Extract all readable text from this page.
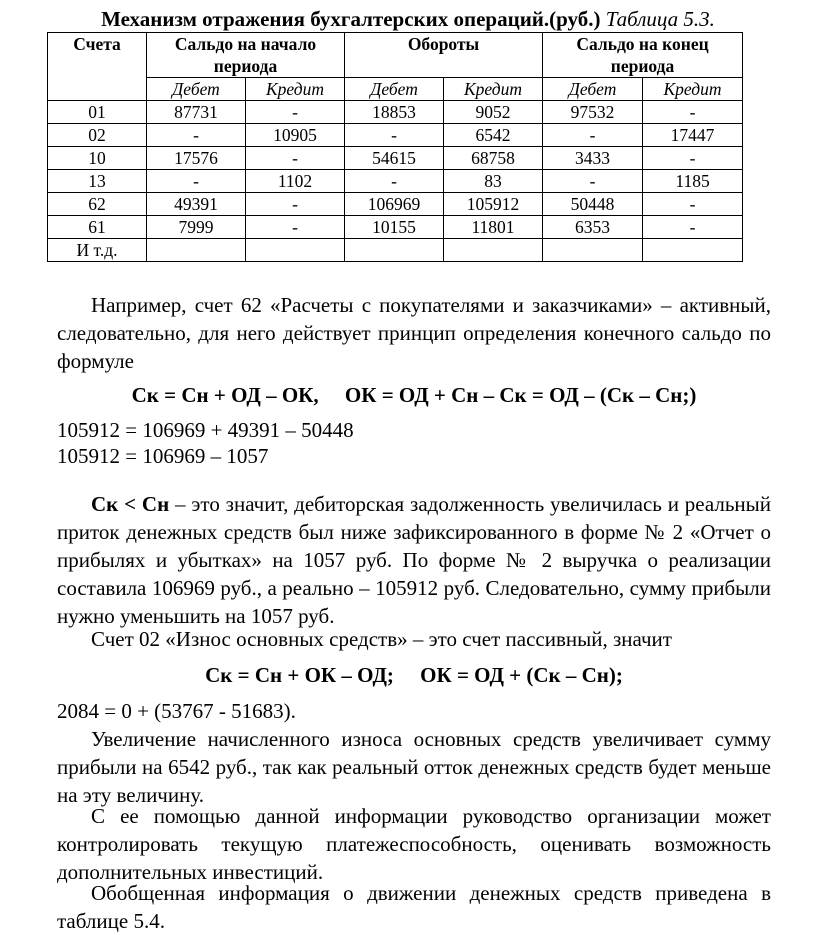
Механизм отражения бухгалтерских операций.(руб.) Таблица 5.3.
Счета	Сальдо на начало периода		Обороты		Сальдо на конец периода	
	Дебет	Кредит	Дебет	Кредит	Дебет	Кредит
01	87731	-	18853	9052	97532	-
02	-	10905	-	6542	-	17447
10	17576	-	54615	68758	3433	-
13	-	1102	-	83	-	1185
62	49391	-	106969	105912	50448	-
61	7999	-	10155	11801	6353	-
И т.д.						
Например, счет 62 «Расчеты с покупателями и заказчиками» – активный, следовательно, для него действует принцип определения конечного сальдо по формуле
Ск = Сн + ОД – ОК,     ОК = ОД + Сн – Ск = ОД – (Ск – Сн;)
105912 = 106969 + 49391 – 50448
105912 = 106969 – 1057
Ск < Сн – это значит, дебиторская задолженность увеличилась и реальный приток денежных средств был ниже зафиксированного в форме № 2 «Отчет о прибылях и убытках» на 1057 руб. По форме № 2 выручка о реализации составила 106969 руб., а реально – 105912 руб. Следовательно, сумму прибыли нужно уменьшить на 1057 руб.
Счет 02 «Износ основных средств» – это счет пассивный, значит
Ск = Сн + ОК – ОД;     ОК = ОД + (Ск – Сн);
2084 = 0 + (53767 - 51683).
Увеличение начисленного износа основных средств увеличивает сумму прибыли на 6542 руб., так как реальный отток денежных средств будет меньше на эту величину.
С ее помощью данной информации руководство организации может контролировать текущую платежеспособность, оценивать возможность дополнительных инвестиций.
Обобщенная информация о движении денежных средств приведена в таблице 5.4.
